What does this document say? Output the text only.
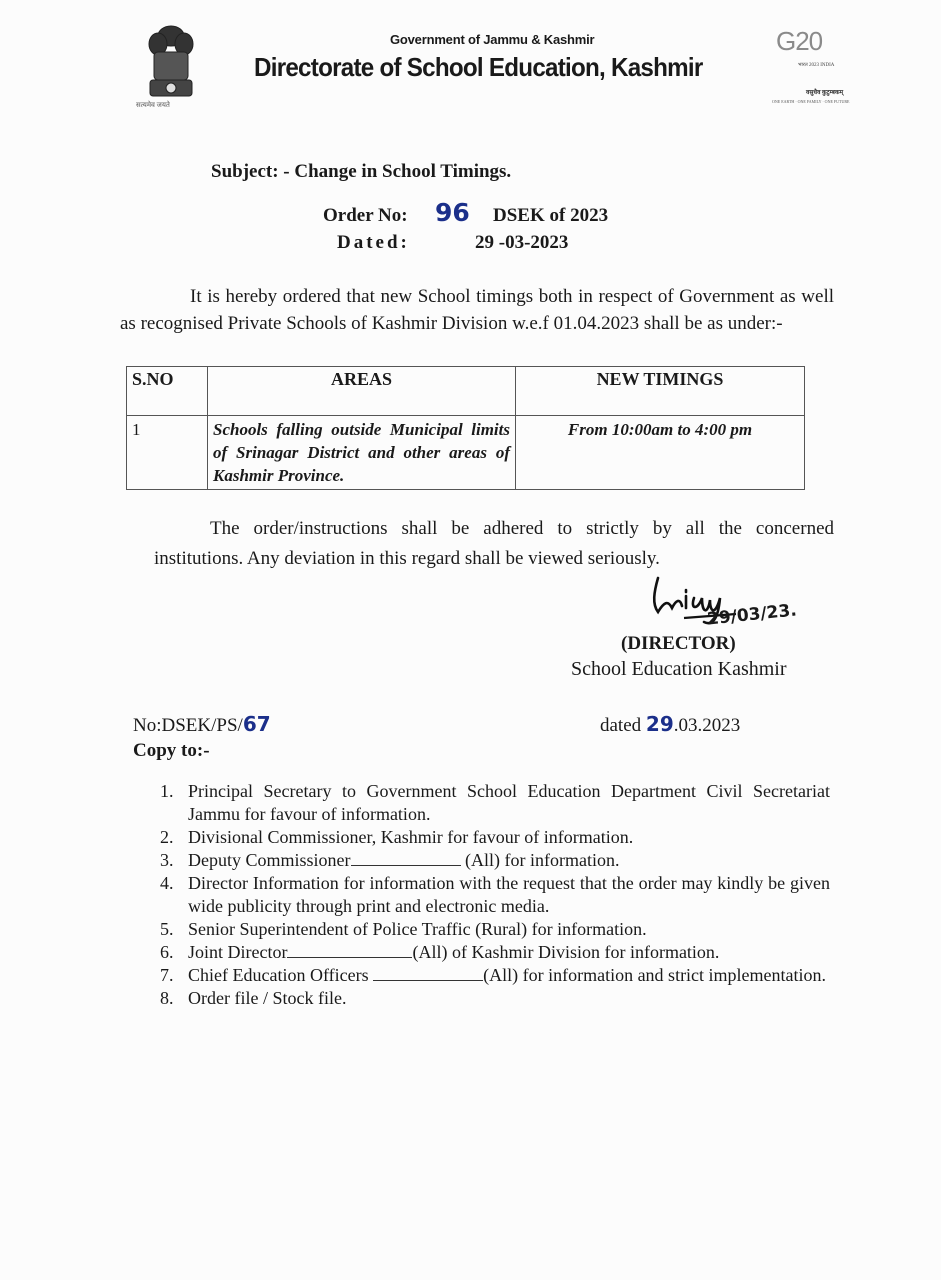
सत्यमेव जयते
Government of Jammu & Kashmir
Directorate of School Education, Kashmir
G20
भारत 2023 INDIA
वसुधैव कुटुम्बकम्
ONE EARTH · ONE FAMILY · ONE FUTURE
Subject: - Change in School Timings.
Order No: 96 DSEK of 2023
Dated:	29 -03-2023
It is hereby ordered that new School timings both in respect of Government as well as recognised Private Schools of Kashmir Division w.e.f 01.04.2023 shall be as under:-
S.NO	AREAS	NEW TIMINGS
1	Schools falling outside Municipal limits of Srinagar District and other areas of Kashmir Province.	From 10:00am to 4:00 pm
The order/instructions shall be adhered to strictly by all the concerned institutions. Any deviation in this regard shall be viewed seriously.
29/03/23.
(DIRECTOR)
School Education Kashmir
No:DSEK/PS/67	dated 29.03.2023
Copy to:-
1. Principal Secretary to Government School Education Department Civil Secretariat Jammu for favour of information.
2. Divisional Commissioner, Kashmir for favour of information.
3. Deputy Commissioner	(All) for information.
4. Director Information for information with the request that the order may kindly be given wide publicity through print and electronic media.
5. Senior Superintendent of Police Traffic (Rural) for information.
6. Joint Director	(All) of Kashmir Division for information.
7. Chief Education Officers	(All) for information and strict implementation.
8. Order file / Stock file.
